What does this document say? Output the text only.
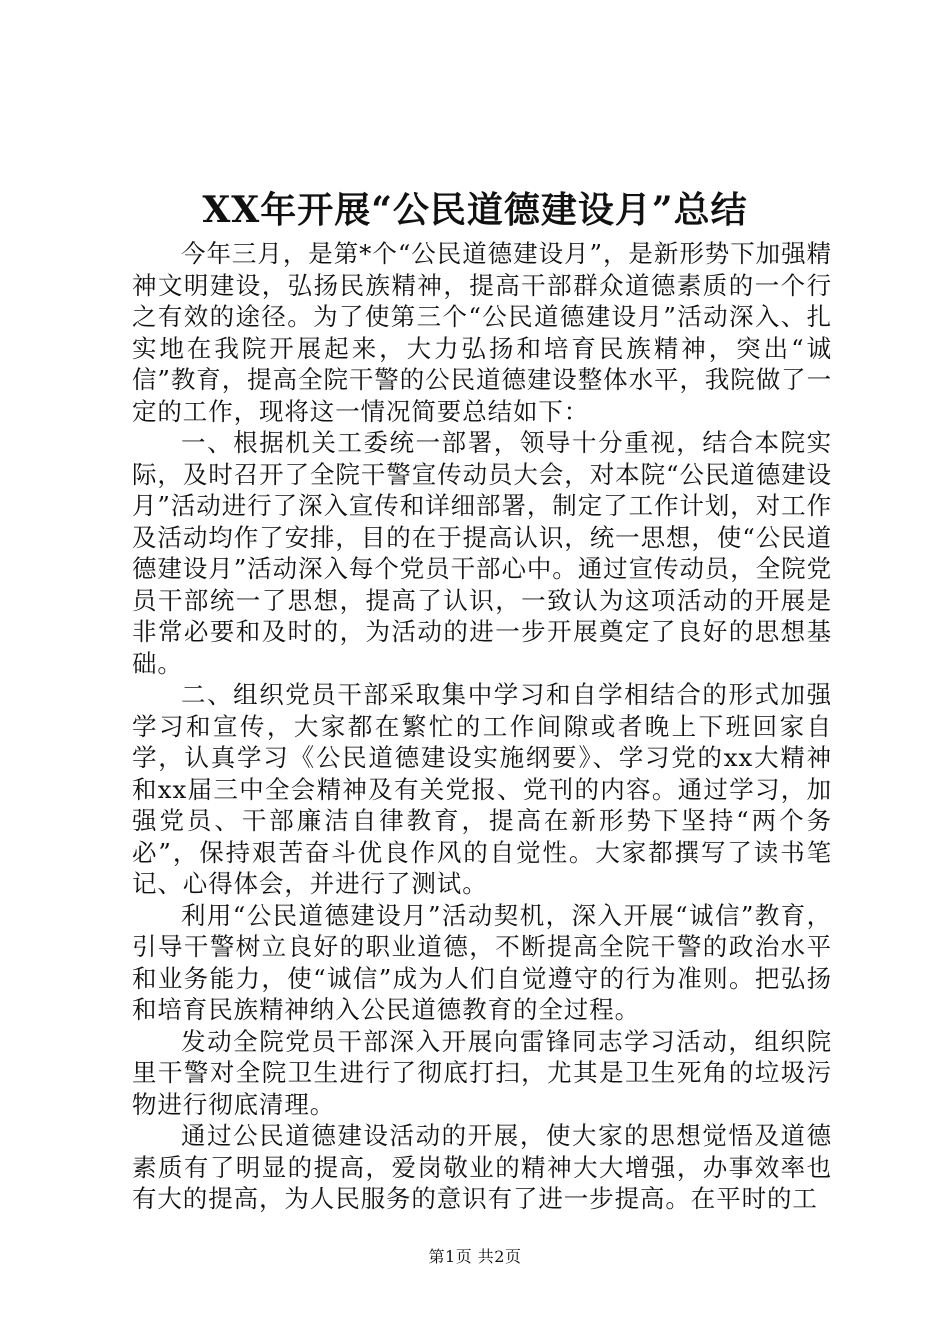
XX年开展“公民道德建设月”总结

今年三月，是第*个“公民道德建设月”，是新形势下加强精神文明建设，弘扬民族精神，提高干部群众道德素质的一个行之有效的途径。为了使第三个“公民道德建设月”活动深入、扎实地在我院开展起来，大力弘扬和培育民族精神，突出“诚信”教育，提高全院干警的公民道德建设整体水平，我院做了一定的工作，现将这一情况简要总结如下：

一、根据机关工委统一部署，领导十分重视，结合本院实际，及时召开了全院干警宣传动员大会，对本院“公民道德建设月”活动进行了深入宣传和详细部署，制定了工作计划，对工作及活动均作了安排，目的在于提高认识，统一思想，使“公民道德建设月”活动深入每个党员干部心中。通过宣传动员，全院党员干部统一了思想，提高了认识，一致认为这项活动的开展是非常必要和及时的，为活动的进一步开展奠定了良好的思想基础。

二、组织党员干部采取集中学习和自学相结合的形式加强学习和宣传，大家都在繁忙的工作间隙或者晚上下班回家自学，认真学习《公民道德建设实施纲要》、学习党的xx大精神和xx届三中全会精神及有关党报、党刊的内容。通过学习，加强党员、干部廉洁自律教育，提高在新形势下坚持“两个务必”，保持艰苦奋斗优良作风的自觉性。大家都撰写了读书笔记、心得体会，并进行了测试。

利用“公民道德建设月”活动契机，深入开展“诚信”教育，引导干警树立良好的职业道德，不断提高全院干警的政治水平和业务能力，使“诚信”成为人们自觉遵守的行为准则。把弘扬和培育民族精神纳入公民道德教育的全过程。

发动全院党员干部深入开展向雷锋同志学习活动，组织院里干警对全院卫生进行了彻底打扫，尤其是卫生死角的垃圾污物进行彻底清理。

通过公民道德建设活动的开展，使大家的思想觉悟及道德素质有了明显的提高，爱岗敬业的精神大大增强，办事效率也有大的提高，为人民服务的意识有了进一步提高。在平时的工

第1页 共2页
